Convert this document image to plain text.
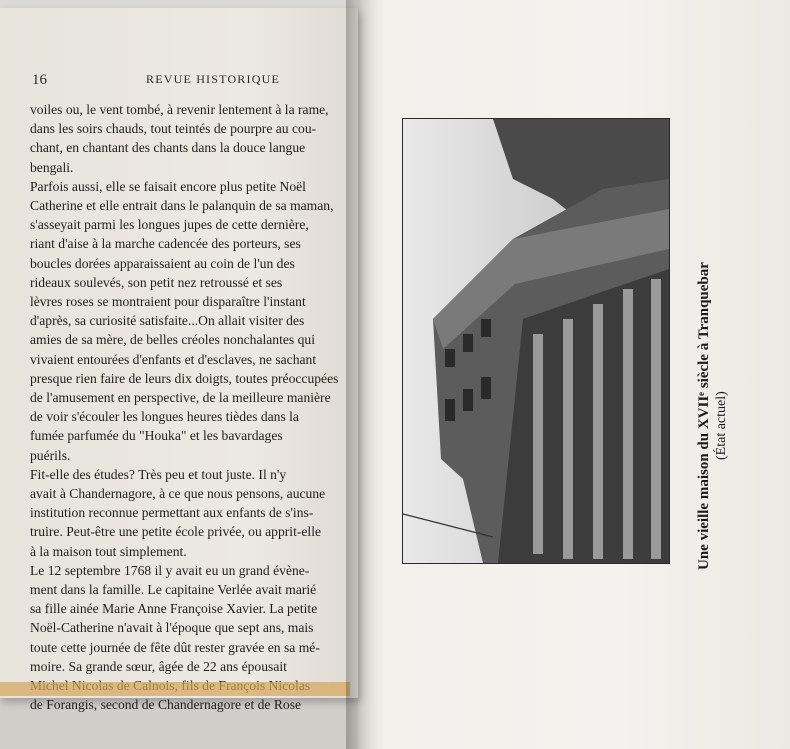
16	REVUE HISTORIQUE
voiles ou, le vent tombé, à revenir lentement à la rame,
dans les soirs chauds, tout teintés de pourpre au cou-
chant, en chantant des chants dans la douce langue
bengali.
Parfois aussi, elle se faisait encore plus petite Noël
Catherine et elle entrait dans le palanquin de sa maman,
s'asseyait parmi les longues jupes de cette dernière,
riant d'aise à la marche cadencée des porteurs, ses
boucles dorées apparaissaient au coin de l'un des
rideaux soulevés, son petit nez retroussé et ses
lèvres roses se montraient pour disparaître l'instant
d'après, sa curiosité satisfaite...On allait visiter des
amies de sa mère, de belles créoles nonchalantes qui
vivaient entourées d'enfants et d'esclaves, ne sachant
presque rien faire de leurs dix doigts, toutes préoccupées
de l'amusement en perspective, de la meilleure manière
de voir s'écouler les longues heures tièdes dans la
fumée parfumée du "Houka" et les bavardages
puérils.
Fit-elle des études? Très peu et tout juste. Il n'y
avait à Chandernagore, à ce que nous pensons, aucune
institution reconnue permettant aux enfants de s'ins-
truire. Peut-être une petite école privée, ou apprit-elle
à la maison tout simplement.
Le 12 septembre 1768 il y avait eu un grand évène-
ment dans la famille. Le capitaine Verlée avait marié
sa fille ainée Marie Anne Françoise Xavier. La petite
Noël-Catherine n'avait à l'époque que sept ans, mais
toute cette journée de fête dût rester gravée en sa mé-
moire. Sa grande sœur, âgée de 22 ans épousait
de Forangis, second de Chandernagore et de Rose
Une vieille maison du XVIIᵉ siècle à Tranquebar (État actuel)
